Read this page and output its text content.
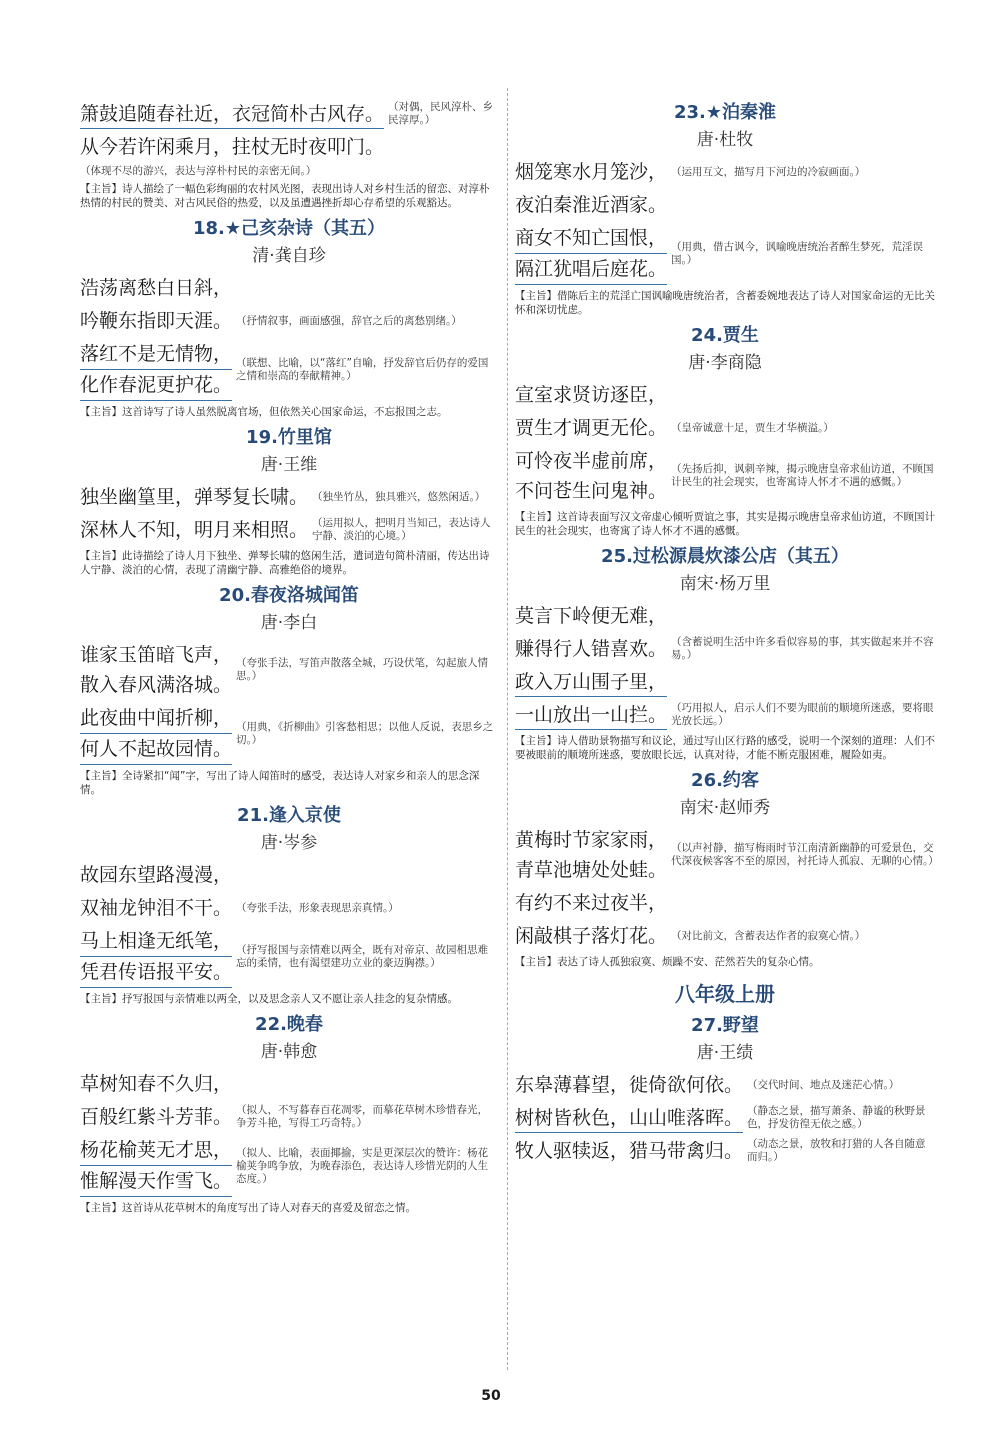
箫鼓追随春社近，衣冠简朴古风存。 （对偶，民风淳朴、乡民淳厚。）
从今若许闲乘月，拄杖无时夜叩门。
（体现不尽的游兴，表达与淳朴村民的亲密无间。）
【主旨】诗人描绘了一幅色彩绚丽的农村风光图，表现出诗人对乡村生活的留恋、对淳朴热情的村民的赞美、对古风民俗的热爱，以及虽遭遇挫折却心存希望的乐观豁达。
18.★己亥杂诗（其五）
清·龚自珍
浩荡离愁白日斜，
吟鞭东指即天涯。 （抒情叙事，画面感强，辞官之后的离愁别绪。）
落红不是无情物，
化作春泥更护花。
（联想、比喻，以“落红”自喻，抒发辞官后仍存的爱国之情和崇高的奉献精神。）
【主旨】这首诗写了诗人虽然脱离官场，但依然关心国家命运，不忘报国之志。
19.竹里馆
唐·王维
独坐幽篁里，弹琴复长啸。 （独坐竹丛，独具雅兴，悠然闲适。）
深林人不知，明月来相照。 （运用拟人，把明月当知己，表达诗人宁静、淡泊的心境。）
【主旨】此诗描绘了诗人月下独坐、弹琴长啸的悠闲生活，遣词造句简朴清丽，传达出诗人宁静、淡泊的心情，表现了清幽宁静、高雅绝俗的境界。
20.春夜洛城闻笛
唐·李白
谁家玉笛暗飞声，
散入春风满洛城。
（夸张手法，写笛声散落全城，巧设伏笔，勾起旅人情思。）
此夜曲中闻折柳，
何人不起故园情。
（用典，《折柳曲》引客愁相思；以他人反说，表思乡之切。）
【主旨】全诗紧扣“闻”字，写出了诗人闻笛时的感受，表达诗人对家乡和亲人的思念深情。
21.逢入京使
唐·岑参
故园东望路漫漫，
双袖龙钟泪不干。 （夸张手法，形象表现思亲真情。）
马上相逢无纸笔，
凭君传语报平安。
（抒写报国与亲情难以两全，既有对帝京、故园相思难忘的柔情，也有渴望建功立业的豪迈胸襟。）
【主旨】抒写报国与亲情难以两全，以及思念亲人又不愿让亲人挂念的复杂情感。
22.晚春
唐·韩愈
草树知春不久归，
百般红紫斗芳菲。 （拟人，不写暮春百花凋零，而摹花草树木珍惜春光，争芳斗艳，写得工巧奇特。）
杨花榆荚无才思，
惟解漫天作雪飞。
（拟人、比喻，表面揶揄，实是更深层次的赞许：杨花榆荚争鸣争放，为晚春添色，表达诗人珍惜光阴的人生态度。）
【主旨】这首诗从花草树木的角度写出了诗人对春天的喜爱及留恋之情。
23.★泊秦淮
唐·杜牧
烟笼寒水月笼沙， （运用互文，描写月下河边的冷寂画面。）
夜泊秦淮近酒家。
商女不知亡国恨，
隔江犹唱后庭花。
（用典，借古讽今，讽喻晚唐统治者醉生梦死，荒淫误国。）
【主旨】借陈后主的荒淫亡国讽喻晚唐统治者，含蓄委婉地表达了诗人对国家命运的无比关怀和深切忧虑。
24.贾生
唐·李商隐
宣室求贤访逐臣，
贾生才调更无伦。 （皇帝诚意十足，贾生才华横溢。）
可怜夜半虚前席，
不问苍生问鬼神。
（先扬后抑，讽刺辛辣，揭示晚唐皇帝求仙访道，不顾国计民生的社会现实，也寄寓诗人怀才不遇的感慨。）
【主旨】这首诗表面写汉文帝虚心倾听贾谊之事，其实是揭示晚唐皇帝求仙访道，不顾国计民生的社会现实，也寄寓了诗人怀才不遇的感慨。
25.过松源晨炊漆公店（其五）
南宋·杨万里
莫言下岭便无难，
赚得行人错喜欢。 （含蓄说明生活中许多看似容易的事，其实做起来并不容易。）
政入万山围子里，
一山放出一山拦。 （巧用拟人，启示人们不要为眼前的顺境所迷惑，要将眼光放长远。）
【主旨】诗人借助景物描写和议论，通过写山区行路的感受，说明一个深刻的道理：人们不要被眼前的顺境所迷惑，要放眼长远，认真对待，才能不断克服困难，履险如夷。
26.约客
南宋·赵师秀
黄梅时节家家雨，
青草池塘处处蛙。
（以声衬静，描写梅雨时节江南清新幽静的可爱景色，交代深夜候客客不至的原因，衬托诗人孤寂、无聊的心情。）
有约不来过夜半，
闲敲棋子落灯花。 （对比前文，含蓄表达作者的寂寞心情。）
【主旨】表达了诗人孤独寂寞、烦躁不安、茫然若失的复杂心情。
八年级上册
27.野望
唐·王绩
东皋薄暮望，徙倚欲何依。 （交代时间、地点及迷茫心情。）
树树皆秋色，山山唯落晖。 （静态之景，描写萧条、静谧的秋野景色，抒发彷徨无依之感。）
牧人驱犊返，猎马带禽归。 （动态之景，放牧和打猎的人各自随意而归。）
50
